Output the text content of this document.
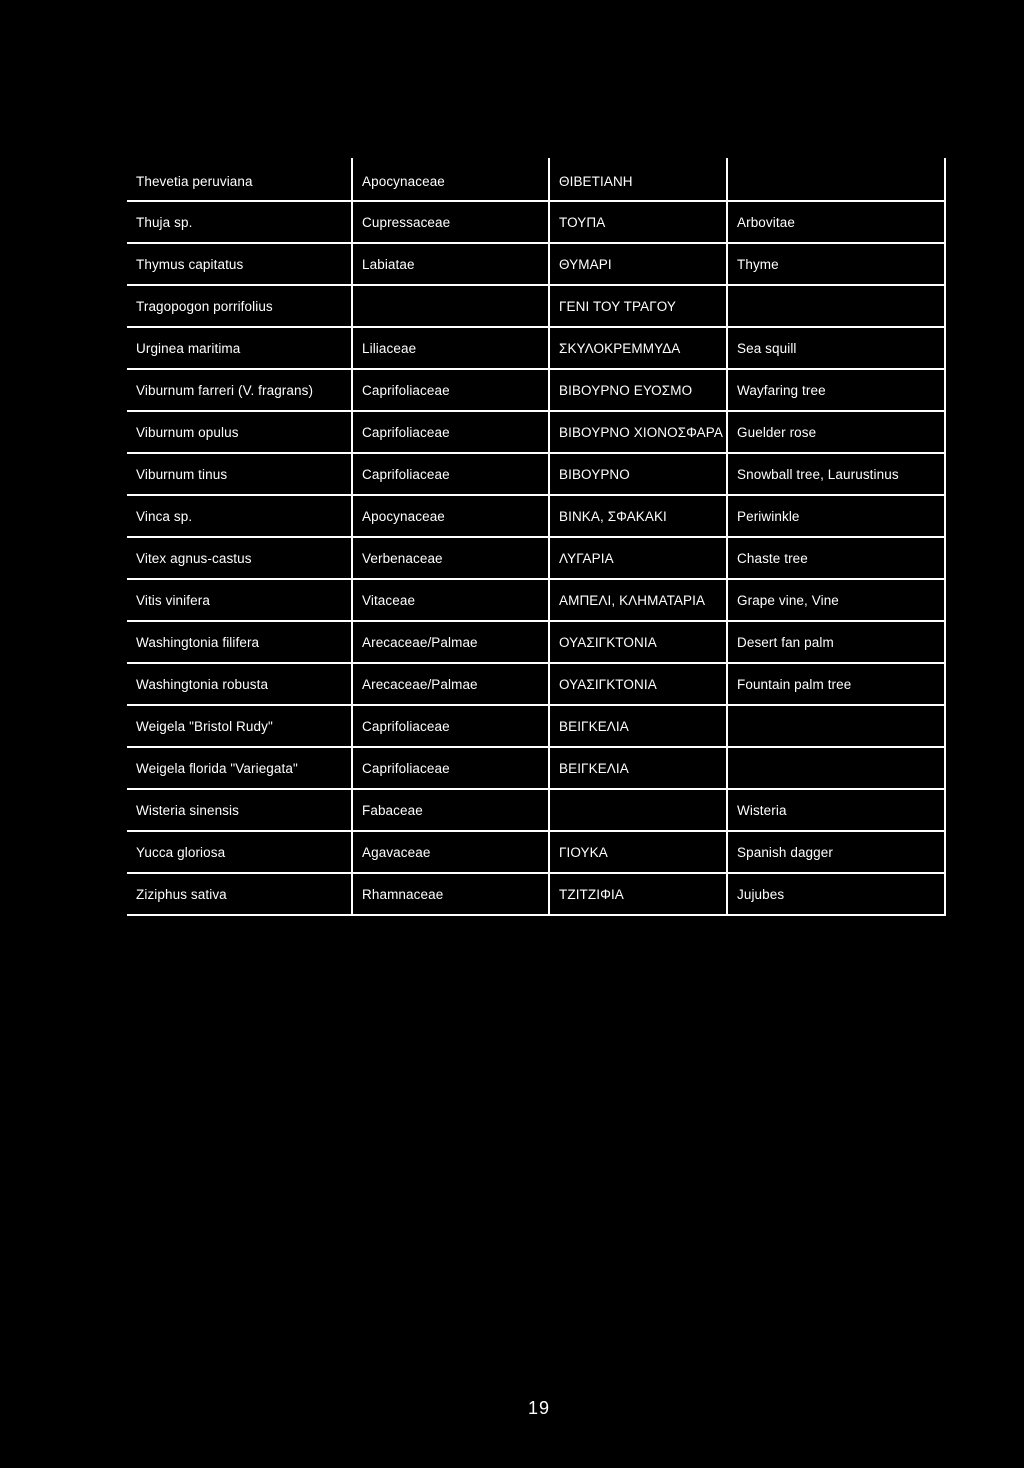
Thevetia peruviana	Apocynaceae	ΘΙΒΕΤΙΑΝΗ	
Thuja sp.	Cupressaceae	ΤΟΥΠΑ	Arbovitae
Thymus capitatus	Labiatae	ΘΥΜΑΡΙ	Thyme
Tragopogon porrifolius		ΓΕΝΙ ΤΟΥ ΤΡΑΓΟΥ	
Urginea maritima	Liliaceae	ΣΚΥΛΟΚΡΕΜΜΥΔΑ	Sea squill
Viburnum farreri (V. fragrans)	Caprifoliaceae	ΒΙΒΟΥΡΝΟ ΕΥΟΣΜΟ	Wayfaring tree
Viburnum opulus	Caprifoliaceae	ΒΙΒΟΥΡΝΟ ΧΙΟΝΟΣΦΑΡΑ	Guelder rose
Viburnum tinus	Caprifoliaceae	ΒΙΒΟΥΡΝΟ	Snowball tree, Laurustinus
Vinca sp.	Apocynaceae	ΒΙΝΚΑ, ΣΦΑΚΑΚΙ	Periwinkle
Vitex agnus-castus	Verbenaceae	ΛΥΓΑΡΙΑ	Chaste tree
Vitis vinifera	Vitaceae	ΑΜΠΕΛΙ, ΚΛΗΜΑΤΑΡΙΑ	Grape vine, Vine
Washingtonia filifera	Arecaceae/Palmae	ΟΥΑΣΙΓΚΤΟΝΙΑ	Desert fan palm
Washingtonia robusta	Arecaceae/Palmae	ΟΥΑΣΙΓΚΤΟΝΙΑ	Fountain palm tree
Weigela "Bristol Rudy"	Caprifoliaceae	ΒΕΙΓΚΕΛΙΑ	
Weigela florida "Variegata"	Caprifoliaceae	ΒΕΙΓΚΕΛΙΑ	
Wisteria sinensis	Fabaceae		Wisteria
Yucca gloriosa	Agavaceae	ΓΙΟΥΚΑ	Spanish dagger
Ziziphus sativa	Rhamnaceae	ΤΖΙΤΖΙΦΙΑ	Jujubes
19
